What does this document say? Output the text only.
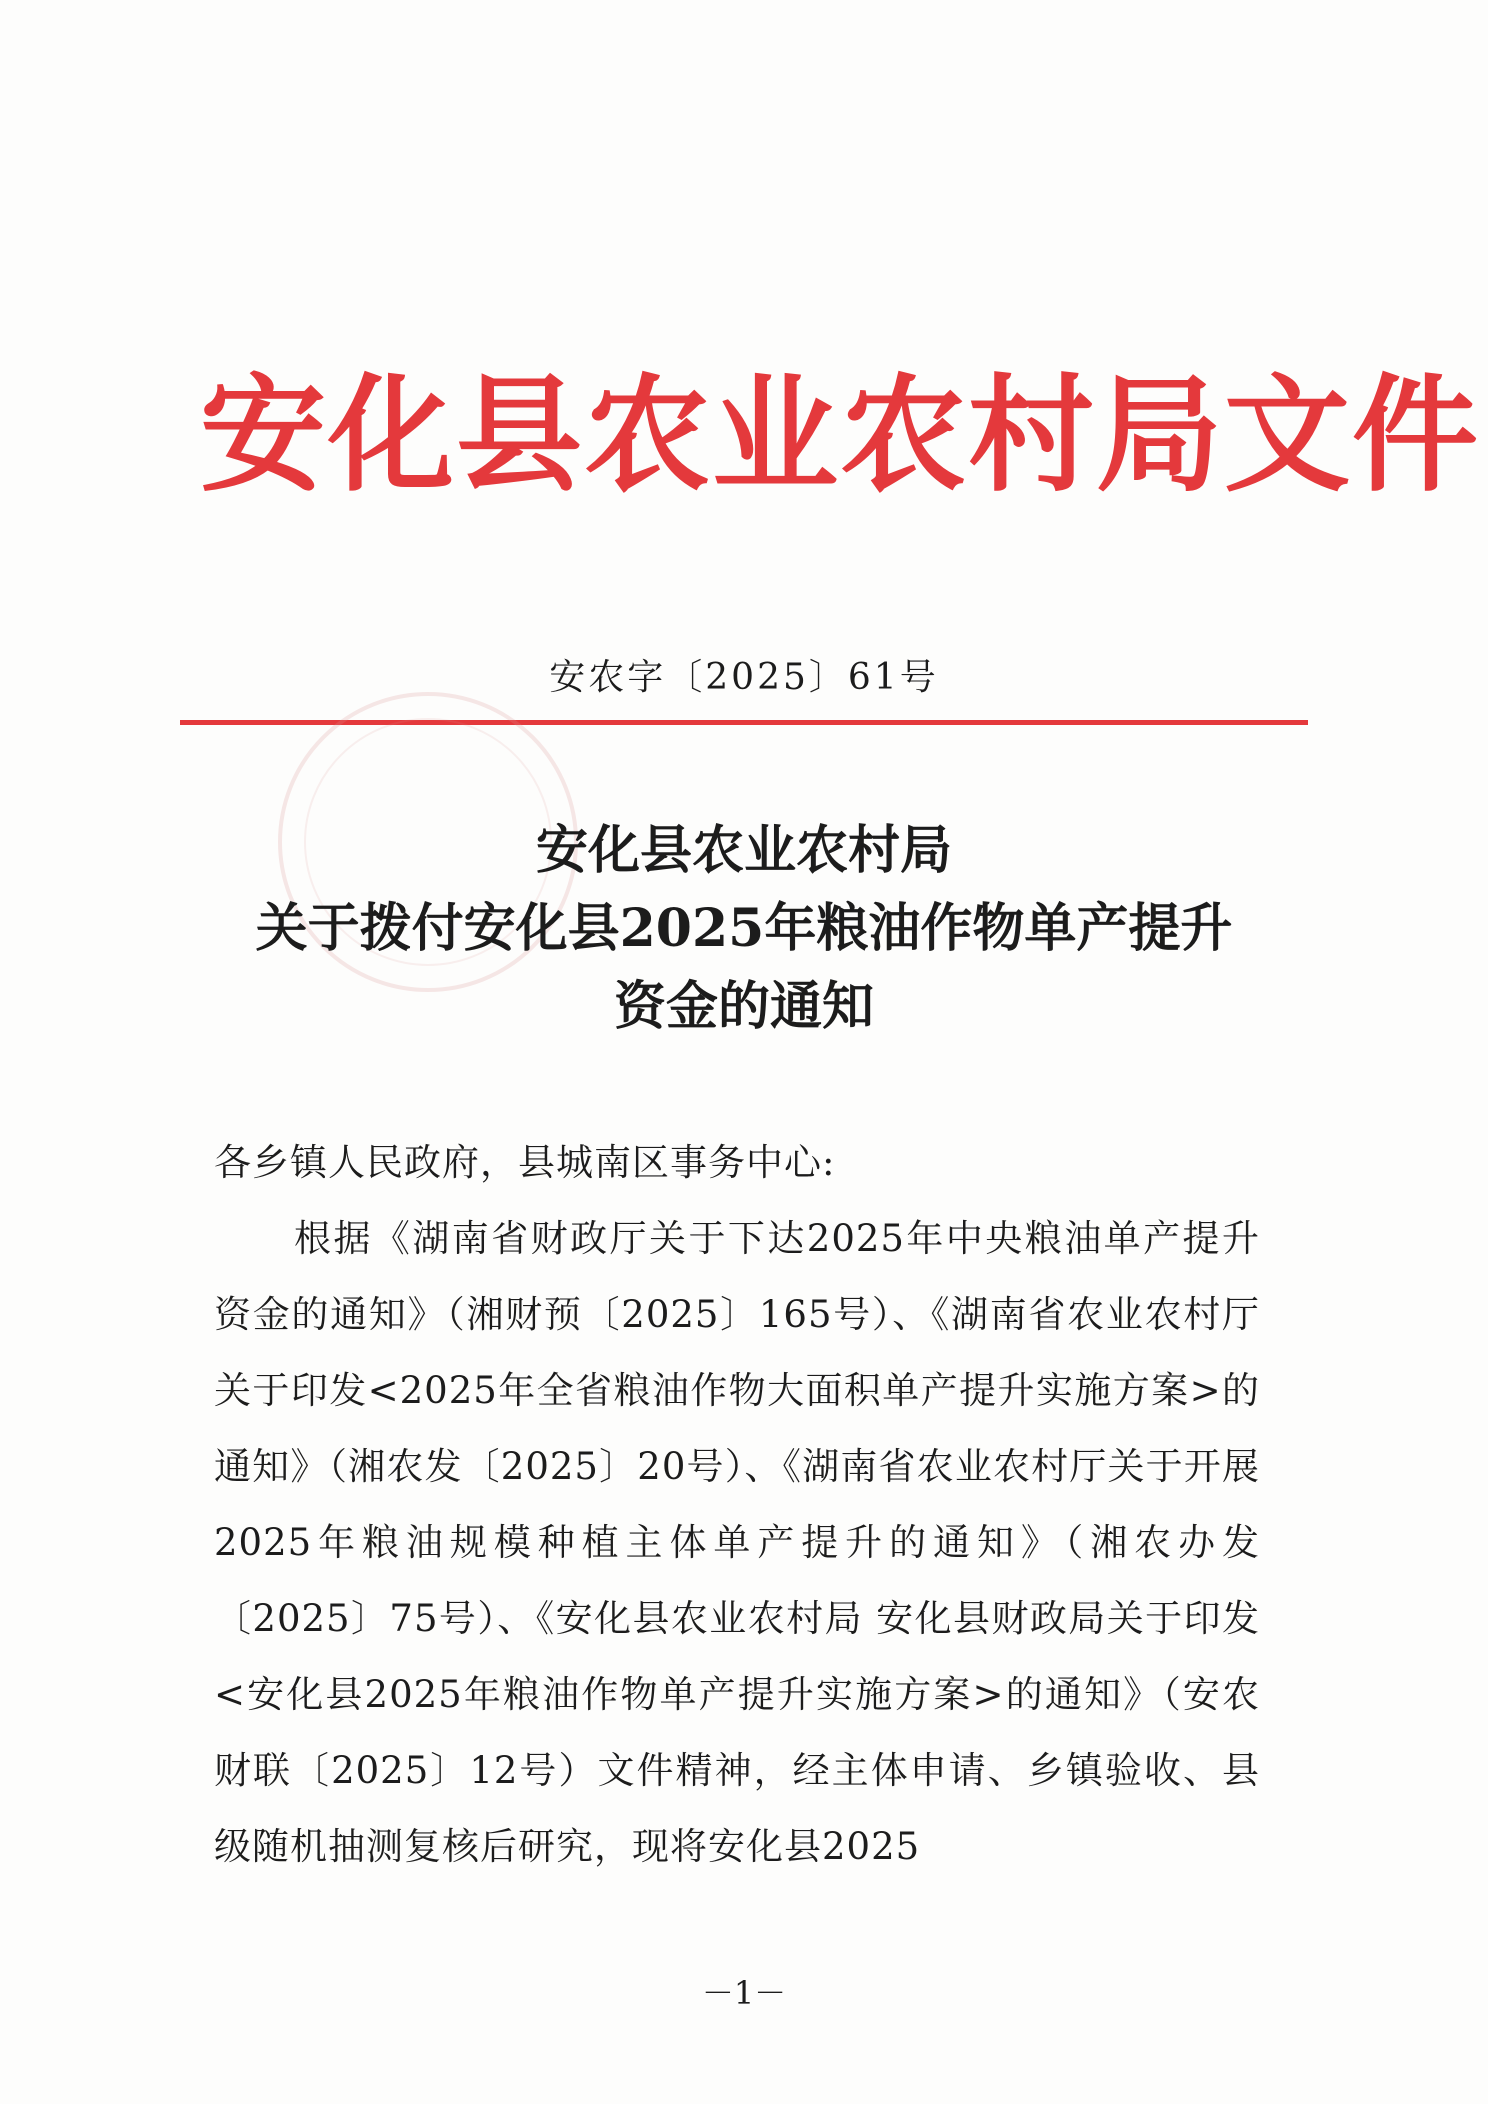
安化县农业农村局文件
安农字〔2025〕61号
安化县农业农村局
关于拨付安化县2025年粮油作物单产提升
资金的通知
各乡镇人民政府，县城南区事务中心:
根据《湖南省财政厅关于下达2025年中央粮油单产提升资金的通知》（湘财预〔2025〕165号）、《湖南省农业农村厅关于印发<2025年全省粮油作物大面积单产提升实施方案>的通知》（湘农发〔2025〕20号）、《湖南省农业农村厅关于开展2025年粮油规模种植主体单产提升的通知》（湘农办发〔2025〕75号）、《安化县农业农村局 安化县财政局关于印发<安化县2025年粮油作物单产提升实施方案>的通知》（安农财联〔2025〕12号）文件精神，经主体申请、乡镇验收、县级随机抽测复核后研究，现将安化县2025
－1－
